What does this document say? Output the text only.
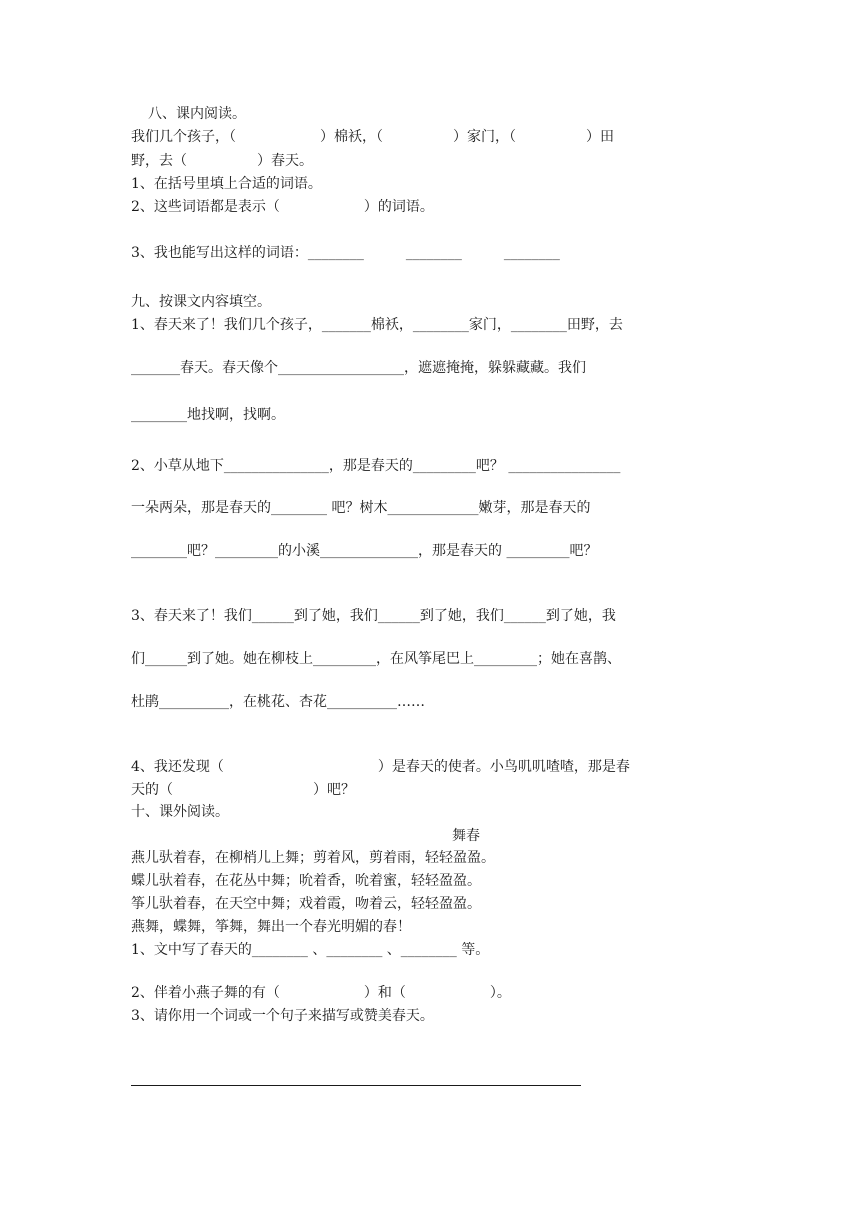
八、课内阅读。
我们几个孩子，（　　　　　　）棉袄，（　　　　　）家门，（　　　　　）田
野，去（　　　　　）春天。
1、在括号里填上合适的词语。
2、这些词语都是表示（　　　　　　）的词语。
3、我也能写出这样的词语：________　　　________　　　________
九、按课文内容填空。
1、春天来了！我们几个孩子，_______棉袄，________家门，________田野，去
_______春天。春天像个__________________，遮遮掩掩，躲躲藏藏。我们
________地找啊，找啊。
2、小草从地下_______________，那是春天的_________吧？ ________________
一朵两朵，那是春天的________ 吧？树木_____________嫩芽，那是春天的
________吧？_________的小溪______________，那是春天的 _________吧？
3、春天来了！我们______到了她，我们______到了她，我们______到了她，我
们______到了她。她在柳枝上_________，在风筝尾巴上_________；她在喜鹊、
杜鹃__________，在桃花、杏花__________……
4、我还发现（　　　　　　　　　　　）是春天的使者。小鸟叽叽喳喳，那是春
天的（　　　　　　　　　　）吧？
十、课外阅读。
舞春
燕儿驮着春，在柳梢儿上舞；剪着风，剪着雨，轻轻盈盈。
蝶儿驮着春，在花丛中舞；吮着香，吮着蜜，轻轻盈盈。
筝儿驮着春，在天空中舞；戏着霞，吻着云，轻轻盈盈。
燕舞，蝶舞，筝舞，舞出一个春光明媚的春！
1、文中写了春天的________ 、________ 、________ 等。
2、伴着小燕子舞的有（　　　　　　）和（　　　　　　）。
3、请你用一个词或一个句子来描写或赞美春天。
